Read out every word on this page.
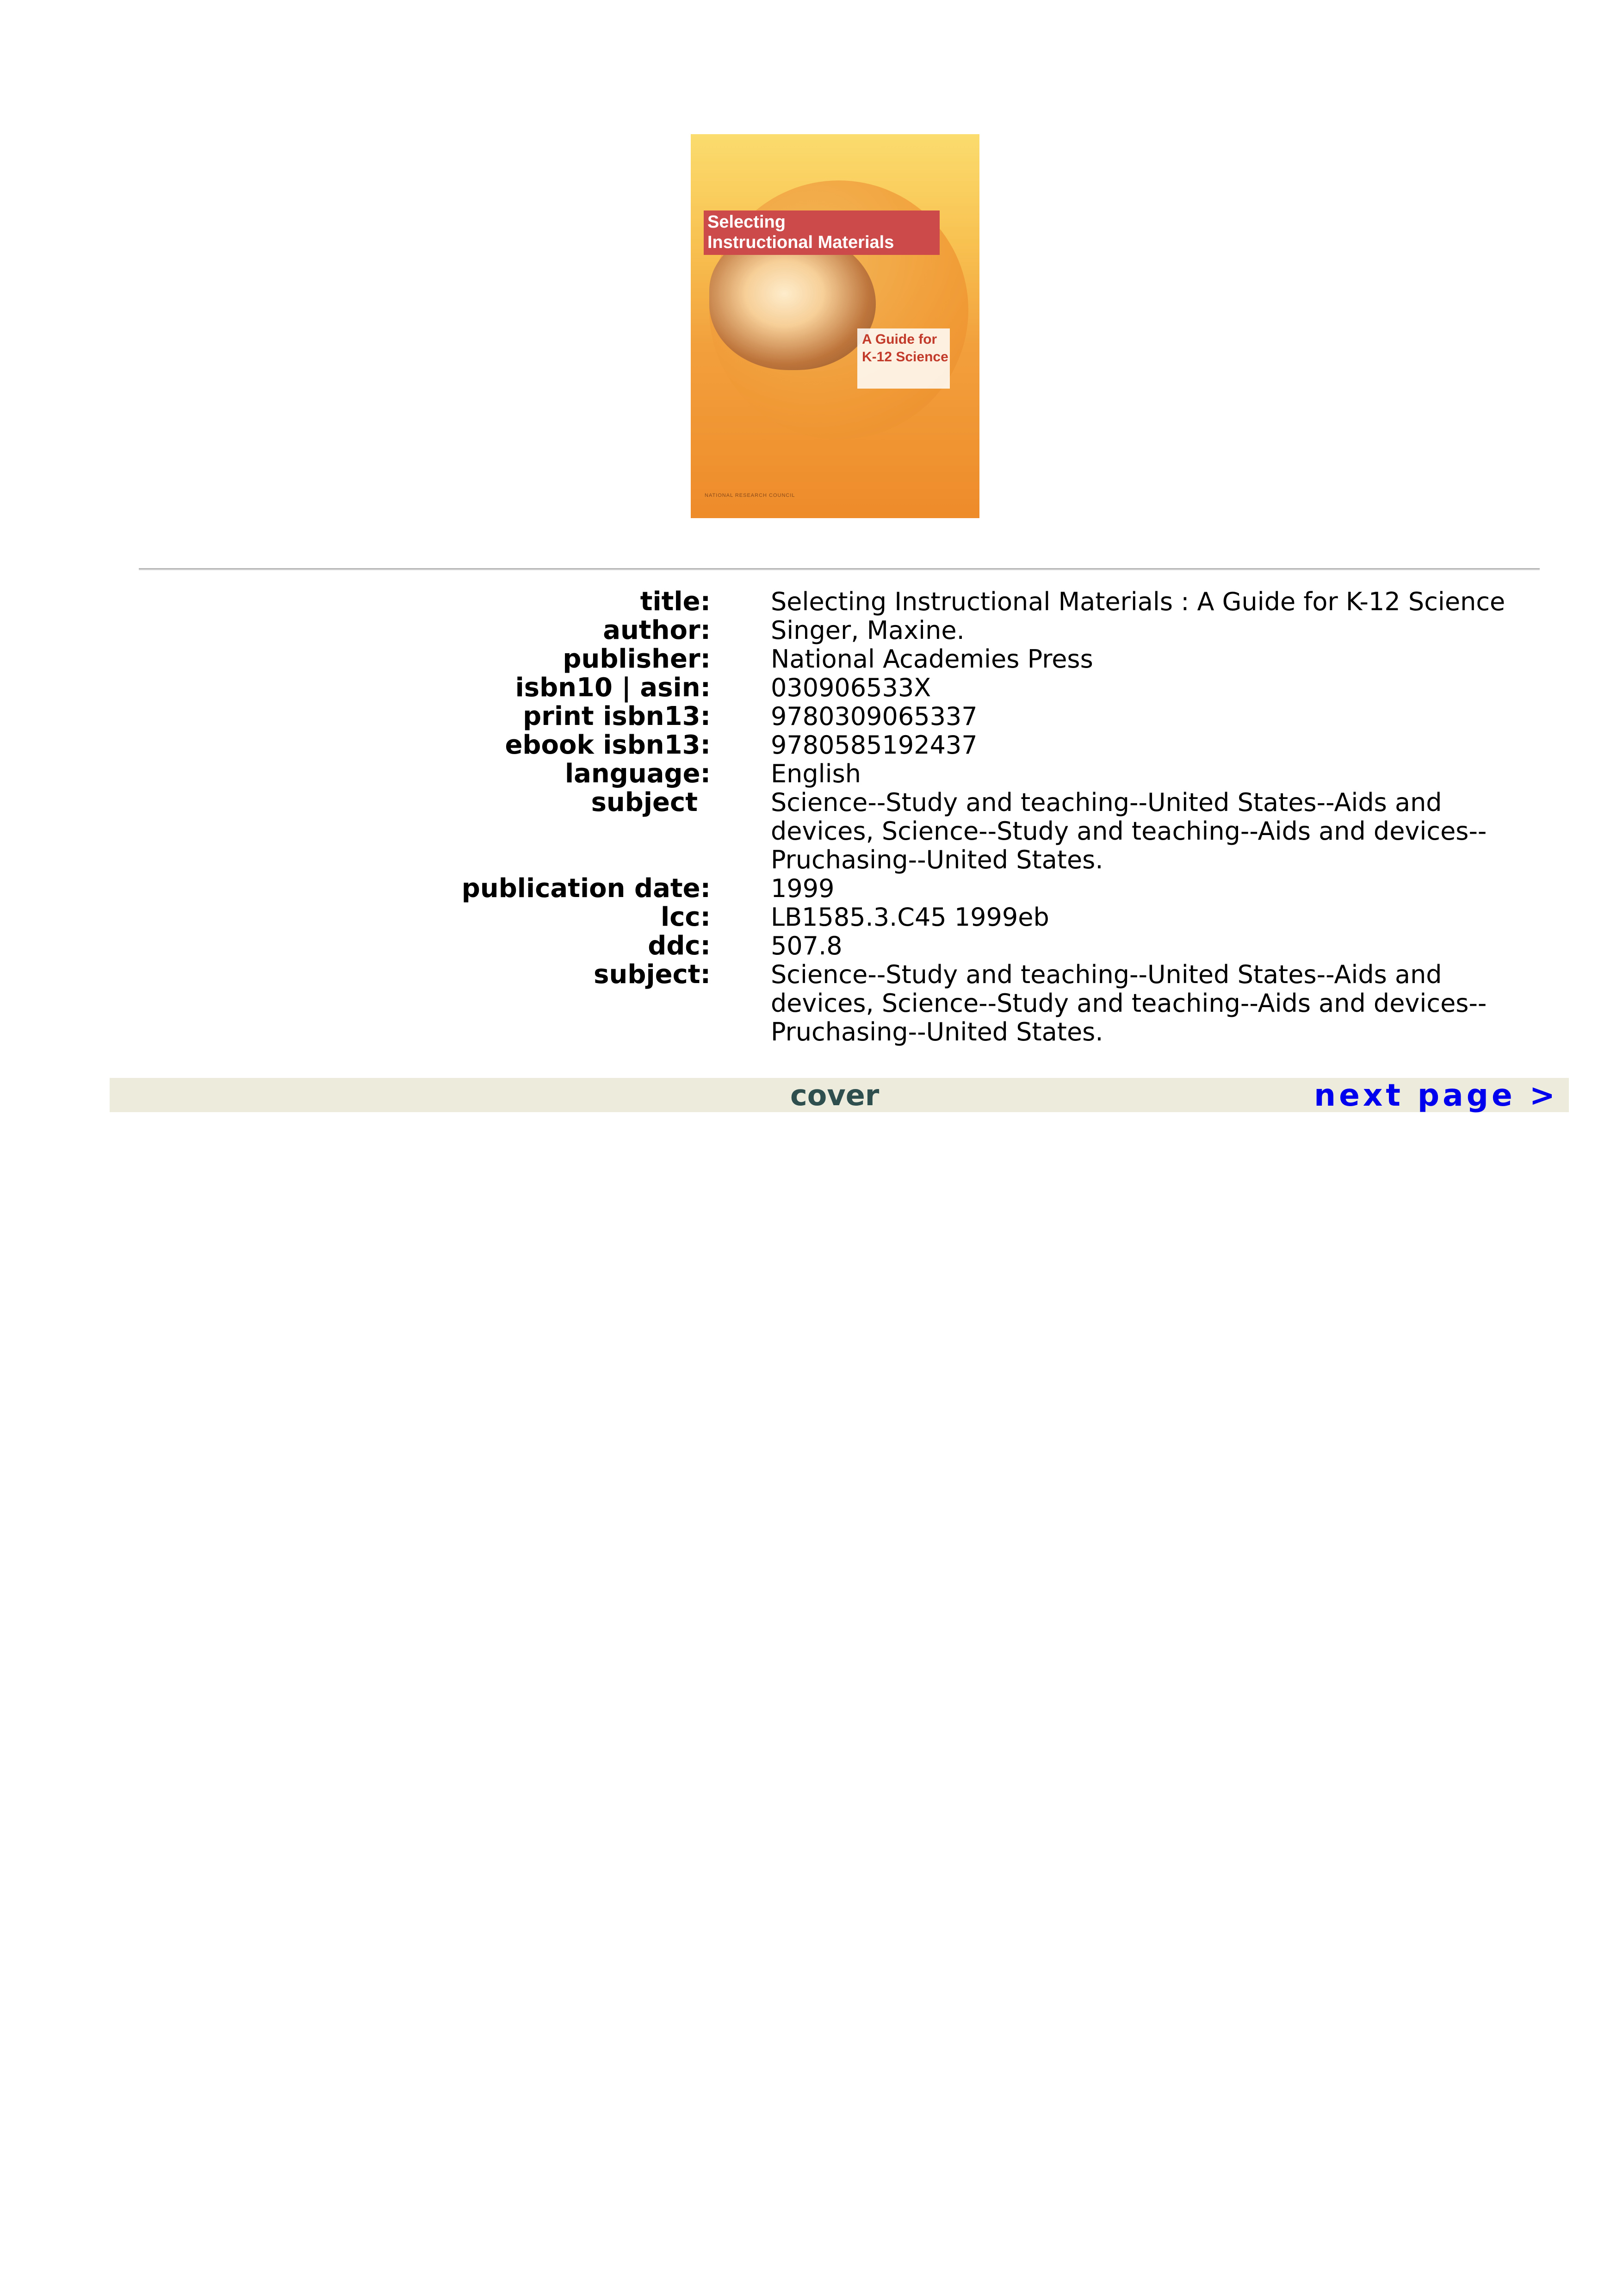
Selecting
Instructional Materials
A Guide for
K-12 Science
NATIONAL RESEARCH COUNCIL
title: Selecting Instructional Materials : A Guide for K-12 Science
author: Singer, Maxine.
publisher: National Academies Press
isbn10 | asin: 030906533X
print isbn13: 9780309065337
ebook isbn13: 9780585192437
language: English
subject	Science--Study and teaching--United States--Aids and
devices, Science--Study and teaching--Aids and devices--
Pruchasing--United States.
publication date: 1999
lcc: LB1585.3.C45 1999eb
ddc: 507.8
subject: Science--Study and teaching--United States--Aids and
devices, Science--Study and teaching--Aids and devices--
Pruchasing--United States.
cover	next page >
